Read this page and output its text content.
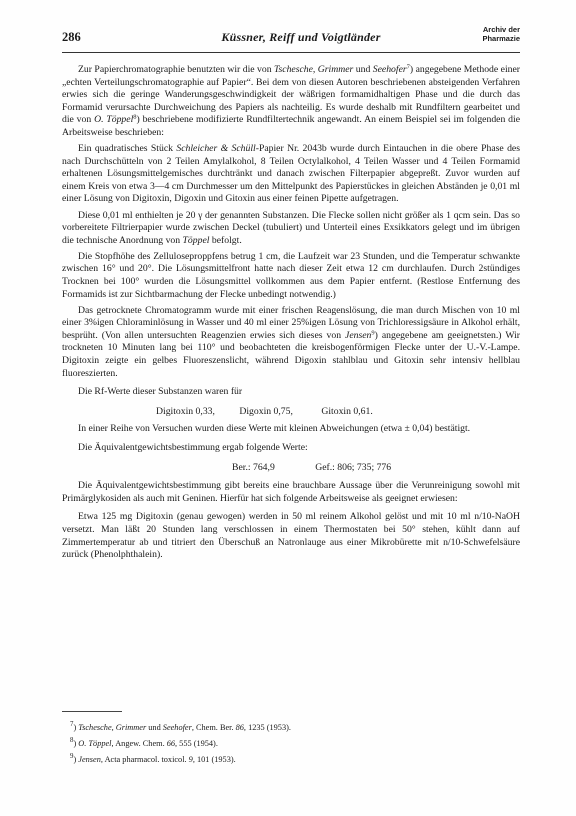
286	Küssner, Reiff und Voigtländer
Archiv der
Pharmazie

Zur Papierchromatographie benutzten wir die von Tschesche, Grimmer und Seehofer$^7$) angegebene Methode einer „echten Verteilungschromatographie auf Papier“. Bei dem von diesen Autoren beschriebenen absteigenden Verfahren erwies sich die geringe Wanderungsgeschwindigkeit der wäßrigen formamidhaltigen Phase und die durch das Formamid verursachte Durchweichung des Papiers als nachteilig. Es wurde deshalb mit Rundfiltern gearbeitet und die von O. Töppel$^8$) beschriebene modifizierte Rundfiltertechnik angewandt. An einem Beispiel sei im folgenden die Arbeitsweise beschrieben:

Ein quadratisches Stück Schleicher & Schüll-Papier Nr. 2043b wurde durch Eintauchen in die obere Phase des nach Durchschütteln von 2 Teilen Amylalkohol, 8 Teilen Octylalkohol, 4 Teilen Wasser und 4 Teilen Formamid erhaltenen Lösungsmittelgemisches durchtränkt und danach zwischen Filterpapier abgepreßt. Zuvor wurden auf einem Kreis von etwa 3—4 cm Durchmesser um den Mittelpunkt des Papierstückes in gleichen Abständen je 0,01 ml einer Lösung von Digitoxin, Digoxin und Gitoxin aus einer feinen Pipette aufgetragen.

Diese 0,01 ml enthielten je 20 γ der genannten Substanzen. Die Flecke sollen nicht größer als 1 qcm sein. Das so vorbereitete Filtrierpapier wurde zwischen Deckel (tubuliert) und Unterteil eines Exsikkators gelegt und im übrigen die technische Anordnung von Töppel befolgt.

Die Stopfhöhe des Zelluloseproppfens betrug 1 cm, die Laufzeit war 23 Stunden, und die Temperatur schwankte zwischen 16° und 20°. Die Lösungsmittelfront hatte nach dieser Zeit etwa 12 cm durchlaufen. Durch 2stündiges Trocknen bei 100° wurden die Lösungsmittel vollkommen aus dem Papier entfernt. (Restlose Entfernung des Formamids ist zur Sichtbarmachung der Flecke unbedingt notwendig.)

Das getrocknete Chromatogramm wurde mit einer frischen Reagenslösung, die man durch Mischen von 10 ml einer 3%igen Chloraminlösung in Wasser und 40 ml einer 25%igen Lösung von Trichloressigsäure in Alkohol erhält, besprüht. (Von allen untersuchten Reagenzien erwies sich dieses von Jensen$^9$) angegebene am geeignetsten.) Wir trockneten 10 Minuten lang bei 110° und beobachteten die kreisbogenförmigen Flecke unter der U.-V.-Lampe. Digitoxin zeigte ein gelbes Fluoreszenslicht, während Digoxin stahlblau und Gitoxin sehr intensiv hellblau fluoreszierten.

Die Rf-Werte dieser Substanzen waren für

Digitoxin 0,33,	Digoxin 0,75,	Gitoxin 0,61.

In einer Reihe von Versuchen wurden diese Werte mit kleinen Abweichungen (etwa ± 0,04) bestätigt.

Die Äquivalentgewichtsbestimmung ergab folgende Werte:

Ber.: 764,9	Gef.: 806; 735; 776

Die Äquivalentgewichtsbestimmung gibt bereits eine brauchbare Aussage über die Verunreinigung sowohl mit Primärglykosiden als auch mit Geninen. Hierfür hat sich folgende Arbeitsweise als geeignet erwiesen:

Etwa 125 mg Digitoxin (genau gewogen) werden in 50 ml reinem Alkohol gelöst und mit 10 ml n/10-NaOH versetzt. Man läßt 20 Stunden lang verschlossen in einem Thermostaten bei 50° stehen, kühlt dann auf Zimmertemperatur ab und titriert den Überschuß an Natronlauge aus einer Mikrobürette mit n/10-Schwefelsäure zurück (Phenolphthalein).

$^7$) Tschesche, Grimmer und Seehofer, Chem. Ber. 86, 1235 (1953).
$^8$) O. Töppel, Angew. Chem. 66, 555 (1954).
$^9$) Jensen, Acta pharmacol. toxicol. 9, 101 (1953).
